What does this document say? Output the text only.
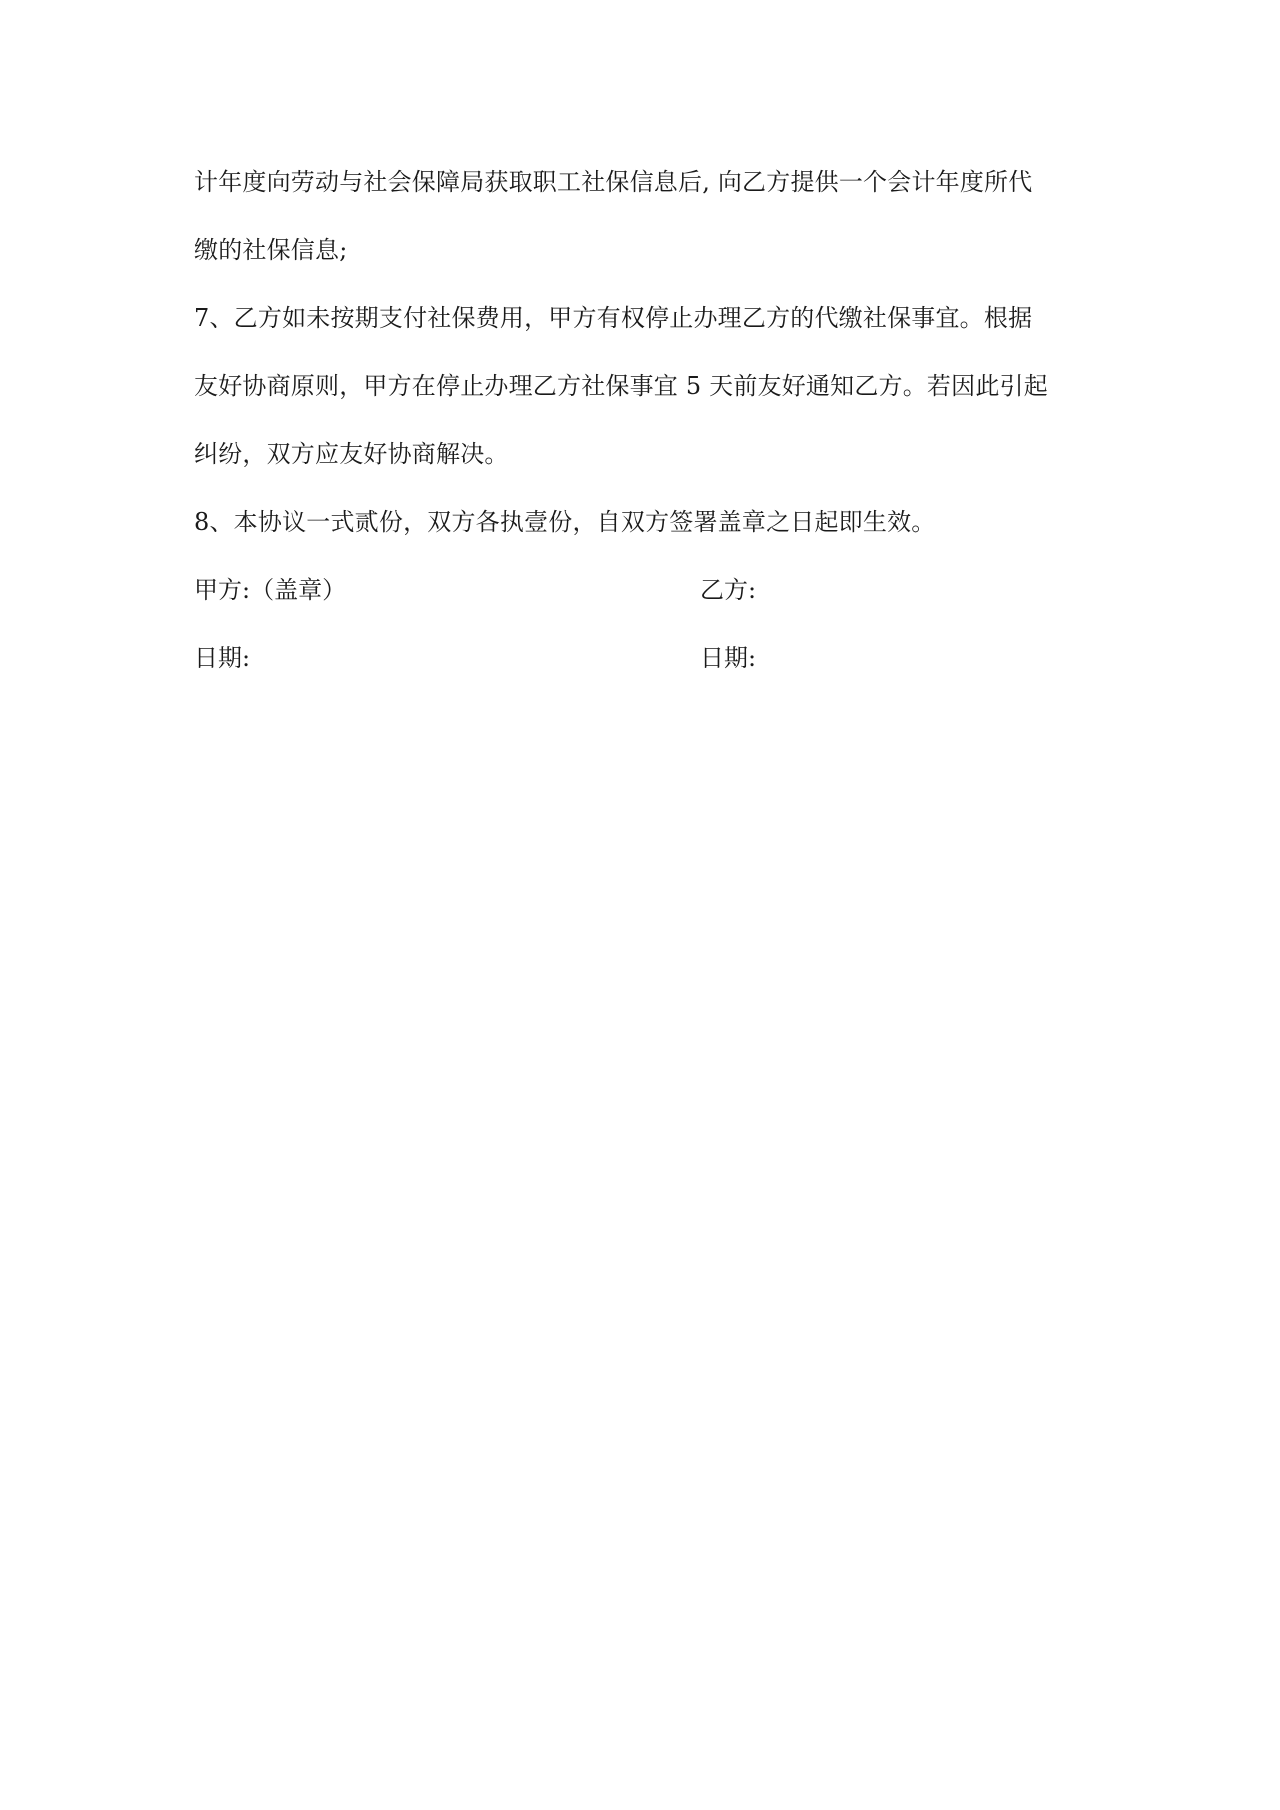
计年度向劳动与社会保障局获取职工社保信息后, 向乙方提供一个会计年度所代
缴的社保信息;
7、乙方如未按期支付社保费用，甲方有权停止办理乙方的代缴社保事宜。根据
友好协商原则，甲方在停止办理乙方社保事宜 5 天前友好通知乙方。若因此引起
纠纷，双方应友好协商解决。
8、本协议一式贰份，双方各执壹份，自双方签署盖章之日起即生效。
甲方:（盖章）	乙方:
日期:	日期:
